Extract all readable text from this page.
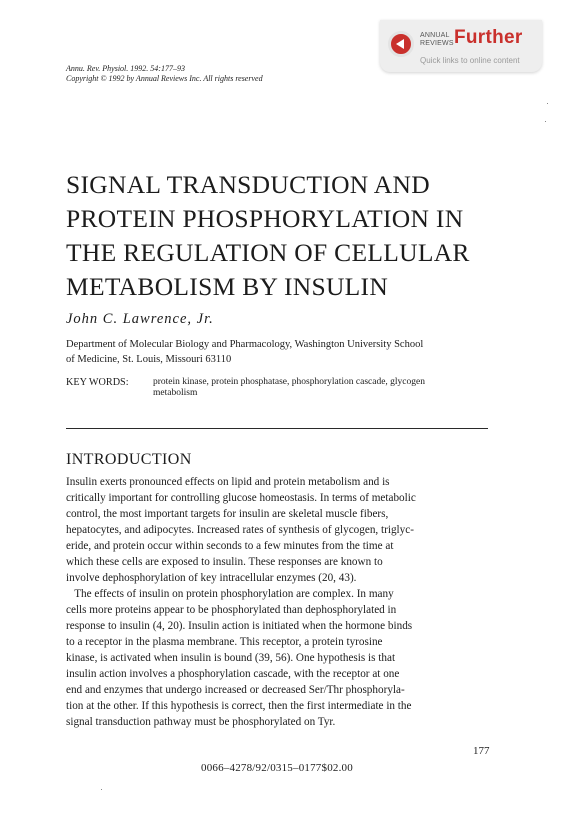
ANNUAL
REVIEWS Further
Quick links to online content
Annu. Rev. Physiol. 1992. 54:177–93
Copyright © 1992 by Annual Reviews Inc. All rights reserved
SIGNAL TRANSDUCTION AND
PROTEIN PHOSPHORYLATION IN
THE REGULATION OF CELLULAR
METABOLISM BY INSULIN
John C. Lawrence, Jr.
Department of Molecular Biology and Pharmacology, Washington University School
of Medicine, St. Louis, Missouri 63110
KEY WORDS:	protein kinase, protein phosphatase, phosphorylation cascade, glycogen
metabolism
INTRODUCTION
Insulin exerts pronounced effects on lipid and protein metabolism and is
critically important for controlling glucose homeostasis. In terms of metabolic
control, the most important targets for insulin are skeletal muscle fibers,
hepatocytes, and adipocytes. Increased rates of synthesis of glycogen, triglyc-
eride, and protein occur within seconds to a few minutes from the time at
which these cells are exposed to insulin. These responses are known to
involve dephosphorylation of key intracellular enzymes (20, 43).
The effects of insulin on protein phosphorylation are complex. In many
cells more proteins appear to be phosphorylated than dephosphorylated in
response to insulin (4, 20). Insulin action is initiated when the hormone binds
to a receptor in the plasma membrane. This receptor, a protein tyrosine
kinase, is activated when insulin is bound (39, 56). One hypothesis is that
insulin action involves a phosphorylation cascade, with the receptor at one
end and enzymes that undergo increased or decreased Ser/Thr phosphoryla-
tion at the other. If this hypothesis is correct, then the first intermediate in the
signal transduction pathway must be phosphorylated on Tyr.
177
0066–4278/92/0315–0177$02.00
